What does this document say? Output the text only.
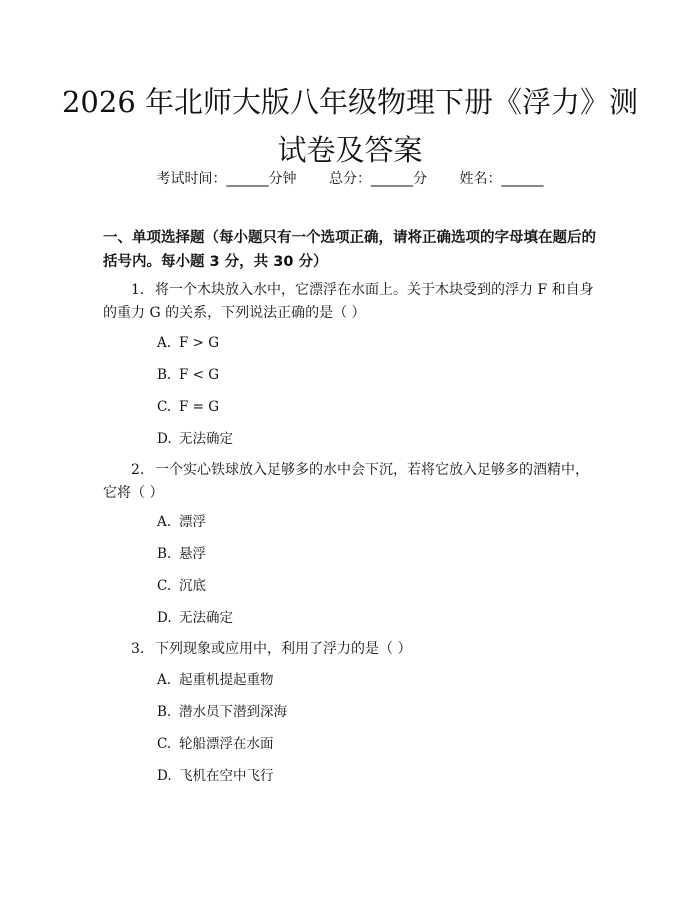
2026 年北师大版八年级物理下册《浮力》测试卷及答案
考试时间：______分钟 总分：______分 姓名：______
一、单项选择题（每小题只有一个选项正确，请将正确选项的字母填在题后的括号内。每小题 3 分，共 30 分）
1. 将一个木块放入水中，它漂浮在水面上。关于木块受到的浮力 F 和自身的重力 G 的关系，下列说法正确的是（ ）
A. F > G
B. F < G
C. F = G
D. 无法确定
2. 一个实心铁球放入足够多的水中会下沉，若将它放入足够多的酒精中，它将（ ）
A. 漂浮
B. 悬浮
C. 沉底
D. 无法确定
3. 下列现象或应用中，利用了浮力的是（ ）
A. 起重机提起重物
B. 潜水员下潜到深海
C. 轮船漂浮在水面
D. 飞机在空中飞行
